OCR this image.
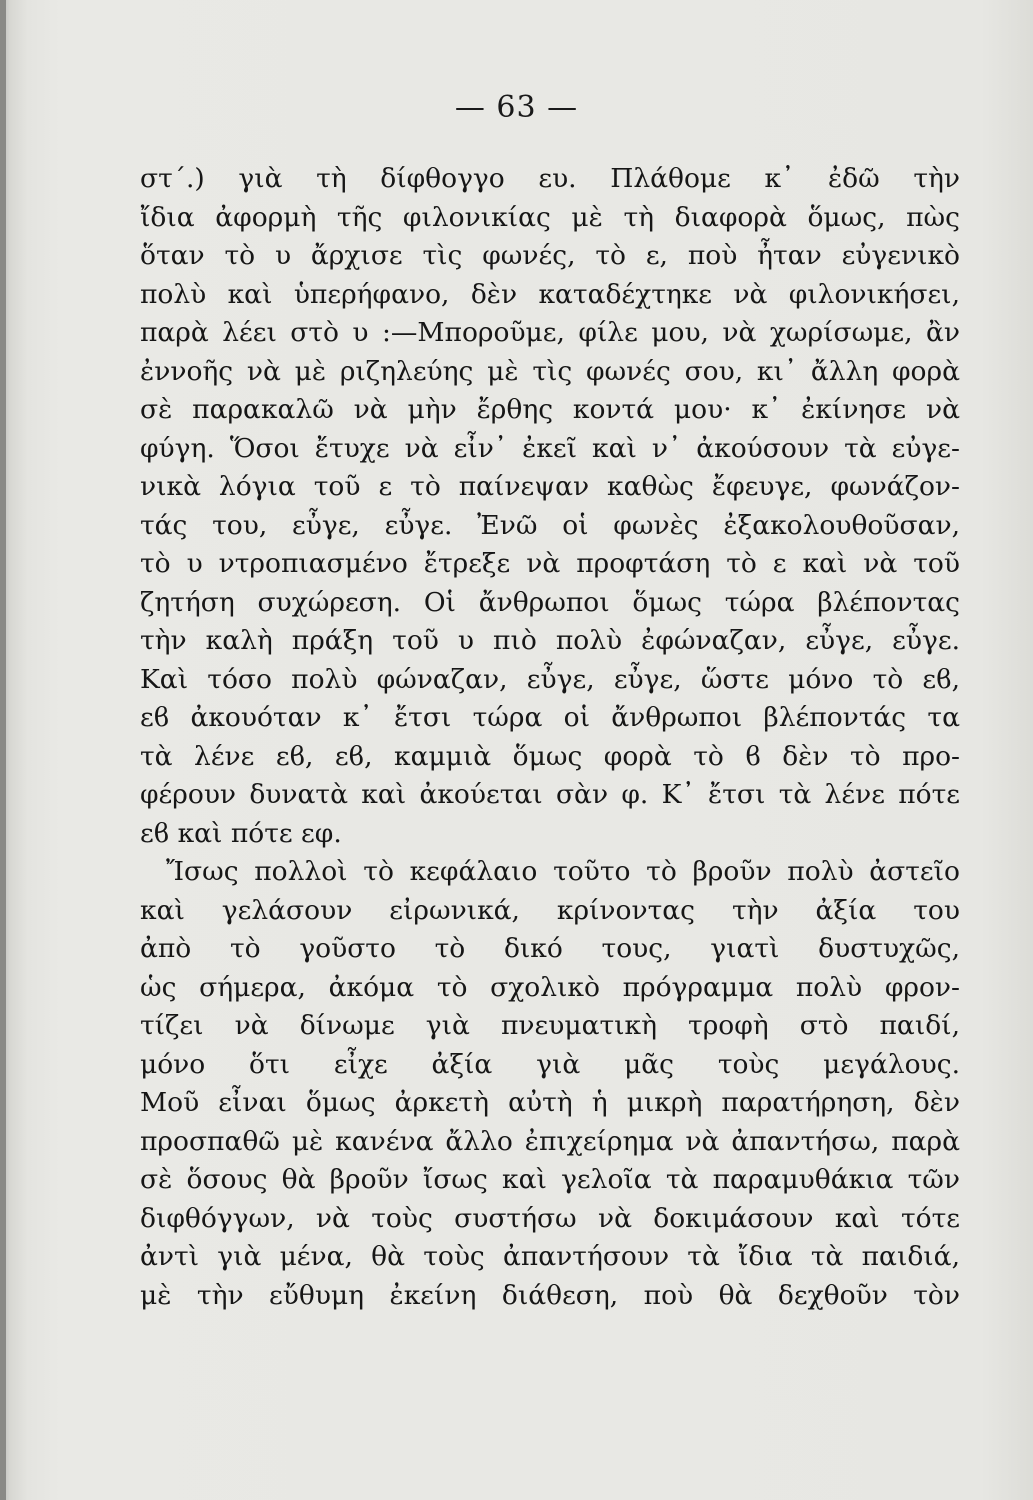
— 63 —
στ΄.) γιὰ τὴ δίφθογγο ευ. Πλάθομε κ᾿ ἐδῶ τὴν
ἴδια ἀφορμὴ τῆς φιλονικίας μὲ τὴ διαφορὰ ὅμως, πὼς
ὅταν τὸ υ ἄρχισε τὶς φωνές, τὸ ε, ποὺ ἦταν εὐγενικὸ
πολὺ καὶ ὑπερήφανο, δὲν καταδέχτηκε νὰ φιλονικήσει,
παρὰ λέει στὸ υ :—Μποροῦμε, φίλε μου, νὰ χωρίσωμε, ἂν
ἐννοῆς νὰ μὲ ριζηλεύης μὲ τὶς φωνές σου, κι᾿ ἄλλη φορὰ
σὲ παρακαλῶ νὰ μὴν ἔρθης κοντά μου· κ᾿ ἐκίνησε νὰ
φύγη. Ὅσοι ἔτυχε νὰ εἶν᾿ ἐκεῖ καὶ ν᾿ ἀκούσουν τὰ εὐγε-
νικὰ λόγια τοῦ ε τὸ παίνεψαν καθὼς ἔφευγε, φωνάζον-
τάς του, εὖγε, εὖγε. Ἐνῶ οἱ φωνὲς ἐξακολουθοῦσαν,
τὸ υ ντροπιασμένο ἔτρεξε νὰ προφτάση τὸ ε καὶ νὰ τοῦ
ζητήση συχώρεση. Οἱ ἄνθρωποι ὅμως τώρα βλέποντας
τὴν καλὴ πράξη τοῦ υ πιὸ πολὺ ἐφώναζαν, εὖγε, εὖγε.
Καὶ τόσο πολὺ φώναζαν, εὖγε, εὖγε, ὥστε μόνο τὸ εϐ,
εϐ ἀκουόταν κ᾿ ἔτσι τώρα οἱ ἄνθρωποι βλέποντάς τα
τὰ λένε εϐ, εϐ, καμμιὰ ὅμως φορὰ τὸ ϐ δὲν τὸ προ-
φέρουν δυνατὰ καὶ ἀκούεται σὰν φ. Κ᾿ ἔτσι τὰ λένε πότε
εϐ καὶ πότε εφ.
Ἴσως πολλοὶ τὸ κεφάλαιο τοῦτο τὸ βροῦν πολὺ ἀστεῖο
καὶ γελάσουν εἰρωνικά, κρίνοντας τὴν ἀξία του
ἀπὸ τὸ γοῦστο τὸ δικό τους, γιατὶ δυστυχῶς,
ὡς σήμερα, ἀκόμα τὸ σχολικὸ πρόγραμμα πολὺ φρον-
τίζει νὰ δίνωμε γιὰ πνευματικὴ τροφὴ στὸ παιδί,
μόνο ὅτι εἶχε ἀξία γιὰ μᾶς τοὺς μεγάλους.
Μοῦ εἶναι ὅμως ἀρκετὴ αὐτὴ ἡ μικρὴ παρατήρηση, δὲν
προσπαθῶ μὲ κανένα ἄλλο ἐπιχείρημα νὰ ἀπαντήσω, παρὰ
σὲ ὅσους θὰ βροῦν ἴσως καὶ γελοῖα τὰ παραμυθάκια τῶν
διφθόγγων, νὰ τοὺς συστήσω νὰ δοκιμάσουν καὶ τότε
ἀντὶ γιὰ μένα, θὰ τοὺς ἀπαντήσουν τὰ ἴδια τὰ παιδιά,
μὲ τὴν εὔθυμη ἐκείνη διάθεση, ποὺ θὰ δεχθοῦν τὸν
